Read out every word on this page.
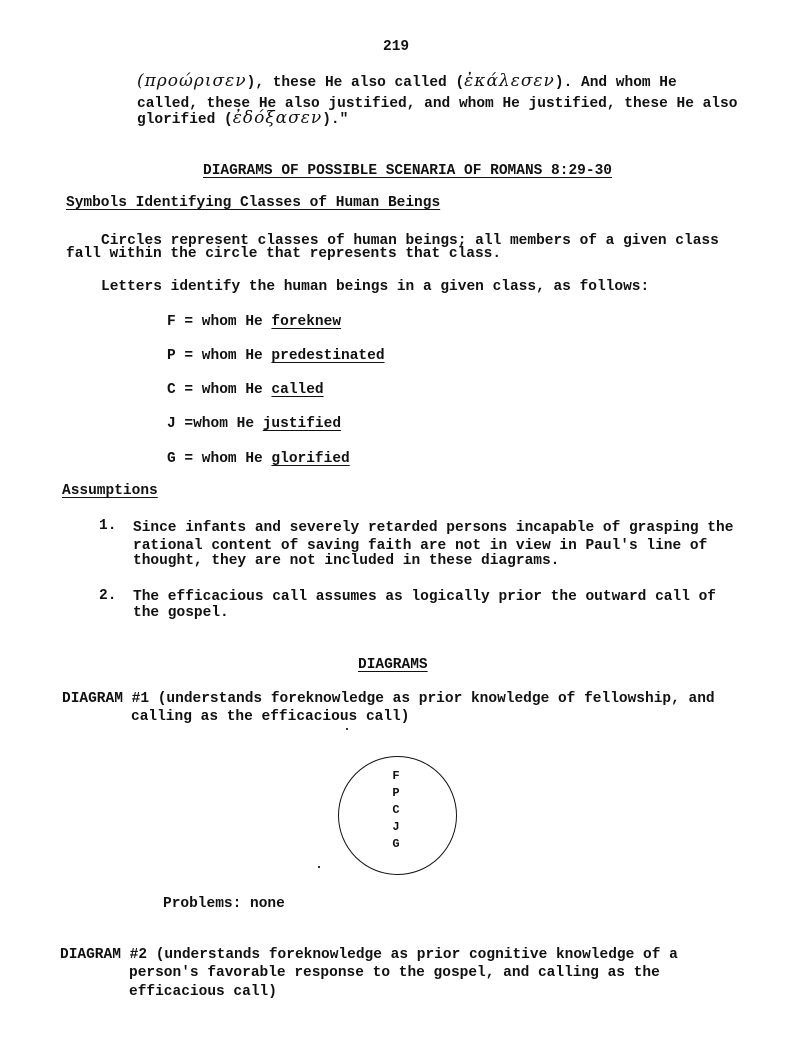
219
(προώρισεν), these He also called (ἐκάλεσεν). And whom He
called, these He also justified, and whom He justified, these He also
glorified (ἐδόξασεν)."
DIAGRAMS OF POSSIBLE SCENARIA OF ROMANS 8:29-30
Symbols Identifying Classes of Human Beings
Circles represent classes of human beings; all members of a given class
fall within the circle that represents that class.
Letters identify the human beings in a given class, as follows:
F = whom He foreknew
P = whom He predestinated
C = whom He called
J =whom He justified
G = whom He glorified
Assumptions
1. Since infants and severely retarded persons incapable of grasping the
rational content of saving faith are not in view in Paul's line of
thought, they are not included in these diagrams.
2. The efficacious call assumes as logically prior the outward call of
the gospel.
DIAGRAMS
DIAGRAM #1 (understands foreknowledge as prior knowledge of fellowship, and
calling as the efficacious call)
F
P
C
J
G
Problems: none
DIAGRAM #2 (understands foreknowledge as prior cognitive knowledge of a
person's favorable response to the gospel, and calling as the
efficacious call)
